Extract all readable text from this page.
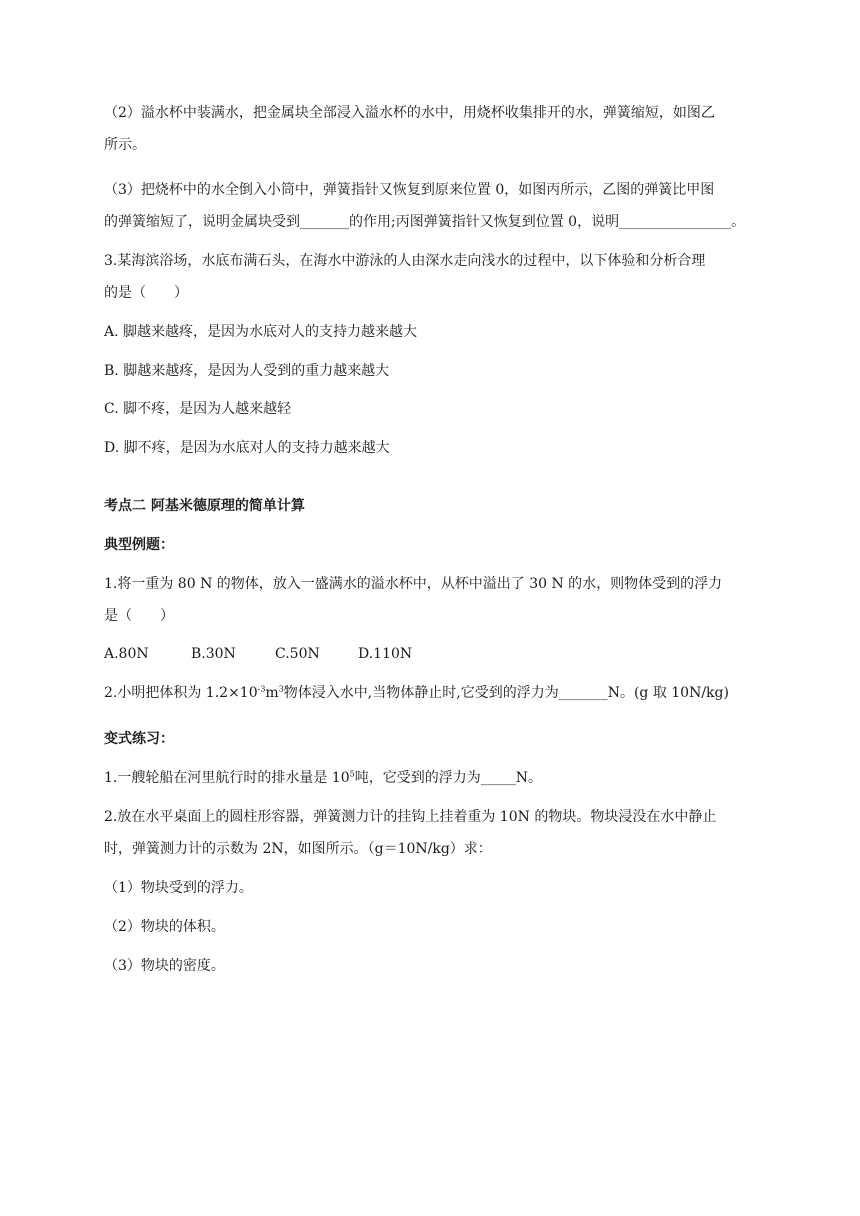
（2）溢水杯中装满水，把金属块全部浸入溢水杯的水中，用烧杯收集排开的水，弹簧缩短，如图乙
所示。
（3）把烧杯中的水全倒入小筒中，弹簧指针又恢复到原来位置 0，如图丙所示，乙图的弹簧比甲图
的弹簧缩短了，说明金属块受到_______的作用;丙图弹簧指针又恢复到位置 0，说明________________。
3.某海滨浴场，水底布满石头，在海水中游泳的人由深水走向浅水的过程中，以下体验和分析合理
的是（　　）
A. 脚越来越疼，是因为水底对人的支持力越来越大
B. 脚越来越疼，是因为人受到的重力越来越大
C. 脚不疼，是因为人越来越轻
D. 脚不疼，是因为水底对人的支持力越来越大
考点二 阿基米德原理的简单计算
典型例题：
1.将一重为 80 N 的物体，放入一盛满水的溢水杯中，从杯中溢出了 30 N 的水，则物体受到的浮力
是（　　）
A.80N	B.30N	C.50N	D.110N
2.小明把体积为 $1.2\times 10^{-3}m^3$物体浸入水中,当物体静止时,它受到的浮力为_______N。(g 取 10N/kg)
变式练习：
1.一艘轮船在河里航行时的排水量是 $10^5$吨，它受到的浮力为_____N。
2.放在水平桌面上的圆柱形容器，弹簧测力计的挂钩上挂着重为 10N 的物块。物块浸没在水中静止
时，弹簧测力计的示数为 2N，如图所示。（g＝10N/kg）求：
（1）物块受到的浮力。
（2）物块的体积。
（3）物块的密度。
